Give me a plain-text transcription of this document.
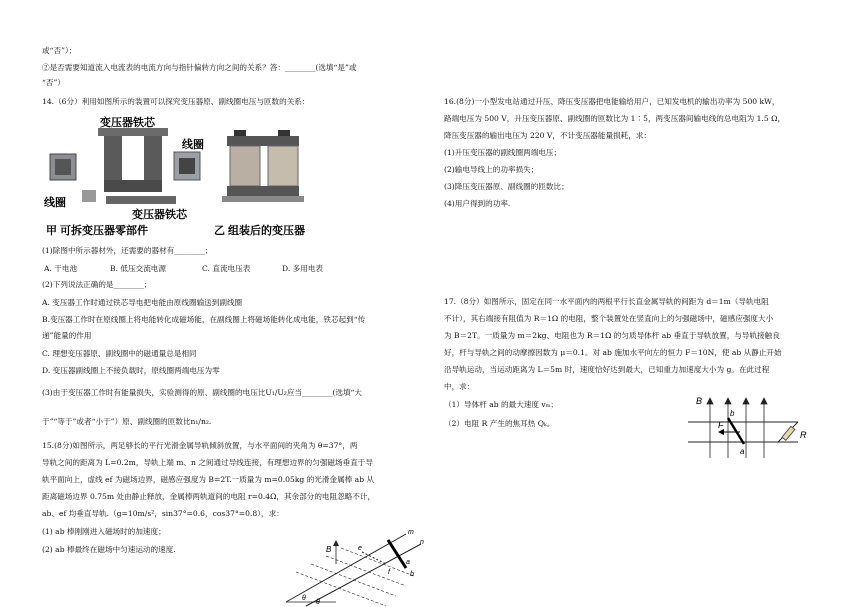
或“否”）；
②是否需要知道流入电流表的电流方向与指针偏转方向之间的关系？答：________(选填“是”或
“否”）
14.（6分）利用如图所示的装置可以探究变压器原、副线圈电压与匝数的关系：
变压器铁芯
线圈
线圈
变压器铁芯
甲 可拆变压器零部件	乙 组装后的变压器
(1)除图中所示器材外，还需要的器材有________；
A. 干电池	B. 低压交流电源	C. 直流电压表	D. 多用电表
(2)下列说法正确的是________；
A. 变压器工作时通过铁芯导电把电能由原线圈输送到副线圈
B.变压器工作时在原线圈上将电能转化成磁场能，在副线圈上将磁场能转化成电能，铁芯起到“传
递”能量的作用
C. 理想变压器原、副线圈中的磁通量总是相同
D. 变压器副线圈上不接负载时，原线圈两端电压为零
(3)由于变压器工作时有能量损失，实验测得的原、副线圈的电压比U₁/U₂应当________(选填“大
于”“等于”或者“小于”）原、副线圈的匝数比n₁/n₂.
15.(8分)如图所示，两足够长的平行光滑金属导轨倾斜放置，与水平面间的夹角为 θ=37°，两
导轨之间的距离为 L=0.2m，导轨上端 m、n 之间通过导线连接，有理想边界的匀强磁场垂直于导
轨平面向上，虚线 ef 为磁场边界，磁感应强度为 B=2T.一质量为 m=0.05kg 的光滑金属棒 ab 从
距离磁场边界 0.75m 处由静止释放，金属棒两轨道间的电阻 r=0.4Ω，其余部分的电阻忽略不计，
ab、ef 均垂直导轨.（g=10m/s²，sin37°=0.6，cos37°=0.8），求：
(1) ab 棒刚刚进入磁场时的加速度；
(2) ab 棒最终在磁场中匀速运动的速度.	B
m
n
a
b
e
f
θ
θ
16.(8分)一小型发电站通过升压、降压变压器把电能输给用户，已知发电机的输出功率为 500 kW，
路端电压为 500 V，升压变压器原、副线圈的匝数比为 1∶5，两变压器间输电线的总电阻为 1.5 Ω，
降压变压器的输出电压为 220 V，不计变压器能量损耗，求：
(1)升压变压器的副线圈两端电压；
(2)输电导线上的功率损失；
(3)降压变压器原、副线圈的匝数比；
(4)用户得到的功率.
17.（8分）如图所示，固定在同一水平面内的两根平行长直金属导轨的间距为 d＝1m（导轨电阻
不计），其右端接有阻值为 R＝1Ω 的电阻，整个装置处在竖直向上的匀强磁场中，磁感应强度大小
为 B＝2T。一质量为 m＝2kg、电阻也为 R＝1Ω 的匀质导体杆 ab 垂直于导轨放置，与导轨接触良
好，杆与导轨之间的动摩擦因数为 μ＝0.1。对 ab 施加水平向左的恒力 F＝10N，使 ab 从静止开始
沿导轨运动，当运动距离为 L＝5m 时，速度恰好达到最大，已知重力加速度大小为 g。在此过程
中，求：
（1）导体杆 ab 的最大速度 vₘ；
（2）电阻 R 产生的焦耳热 Qₖ。
B
b
a
F
R
